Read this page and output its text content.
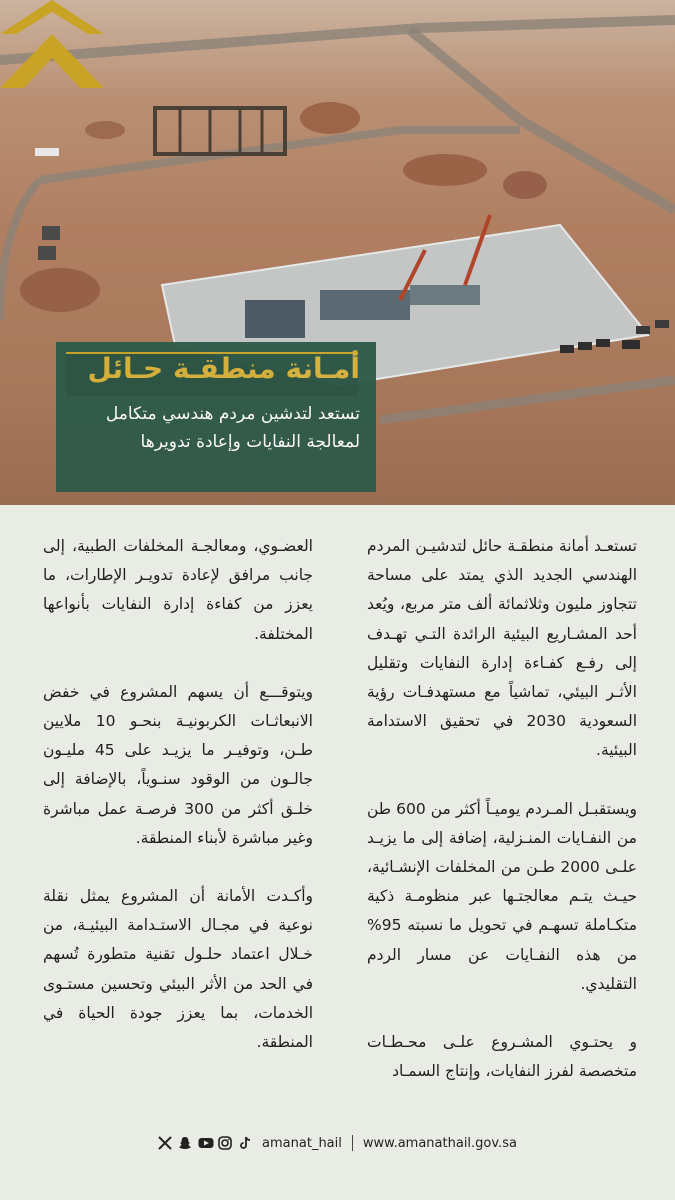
أمـانة منطقـة حـائل
تستعد لتدشين مردم هندسي متكامل لمعالجة النفايات وإعادة تدويرها

تستعـد أمانة منطقـة حائل لتدشيـن المردم الهندسي الجديد الذي يمتد على مساحة تتجاوز مليون وثلاثمائة ألف متر مربع، ويُعد أحد المشـاريع البيئية الرائدة التـي تهـدف إلى رفـع كفـاءة إدارة النفايات وتقليل الأثـر البيئي، تماشياً مع مستهدفـات رؤية السعودية 2030 في تحقيق الاستدامة البيئية.

ويستقبـل المـردم يوميـاً أكثر من 600 طن من النفـايات المنـزلية، إضافة إلى ما يزيـد علـى 2000 طـن من المخلفات الإنشـائية، حيـث يتـم معالجتـها عبر منظومـة ذكية متكـاملة تسهـم في تحويل ما نسبته 95% من هذه النفـايات عن مسار الردم التقليدي.

و يحتـوي المشـروع علـى محـطـات متخصصة لفرز النفايات، وإنتاج السمـاد

العضـوي، ومعالجـة المخلفات الطبية، إلى جانب مرافق لإعادة تدويـر الإطارات، ما يعزز من كفاءة إدارة النفايات بأنواعها المختلفة.

ويتوقـــع أن يسهم المشروع في خفض الانبعاثـات الكربونيـة بنحـو 10 ملايين طـن، وتوفيـر ما يزيـد على 45 مليـون جالـون من الوقود سنـوياً، بالإضافة إلى خلـق أكثر من 300 فرصـة عمل مباشرة وغير مباشرة لأبناء المنطقة.

وأكـدت الأمانة أن المشروع يمثل نقلة نوعية في مجـال الاستـدامة البيئيـة، من خـلال اعتماد حلـول تقنية متطورة تُسهم في الحد من الأثر البيئي وتحسين مستـوى الخدمات، بما يعزز جودة الحياة في المنطقة.

amanat_hail www.amanathail.gov.sa
